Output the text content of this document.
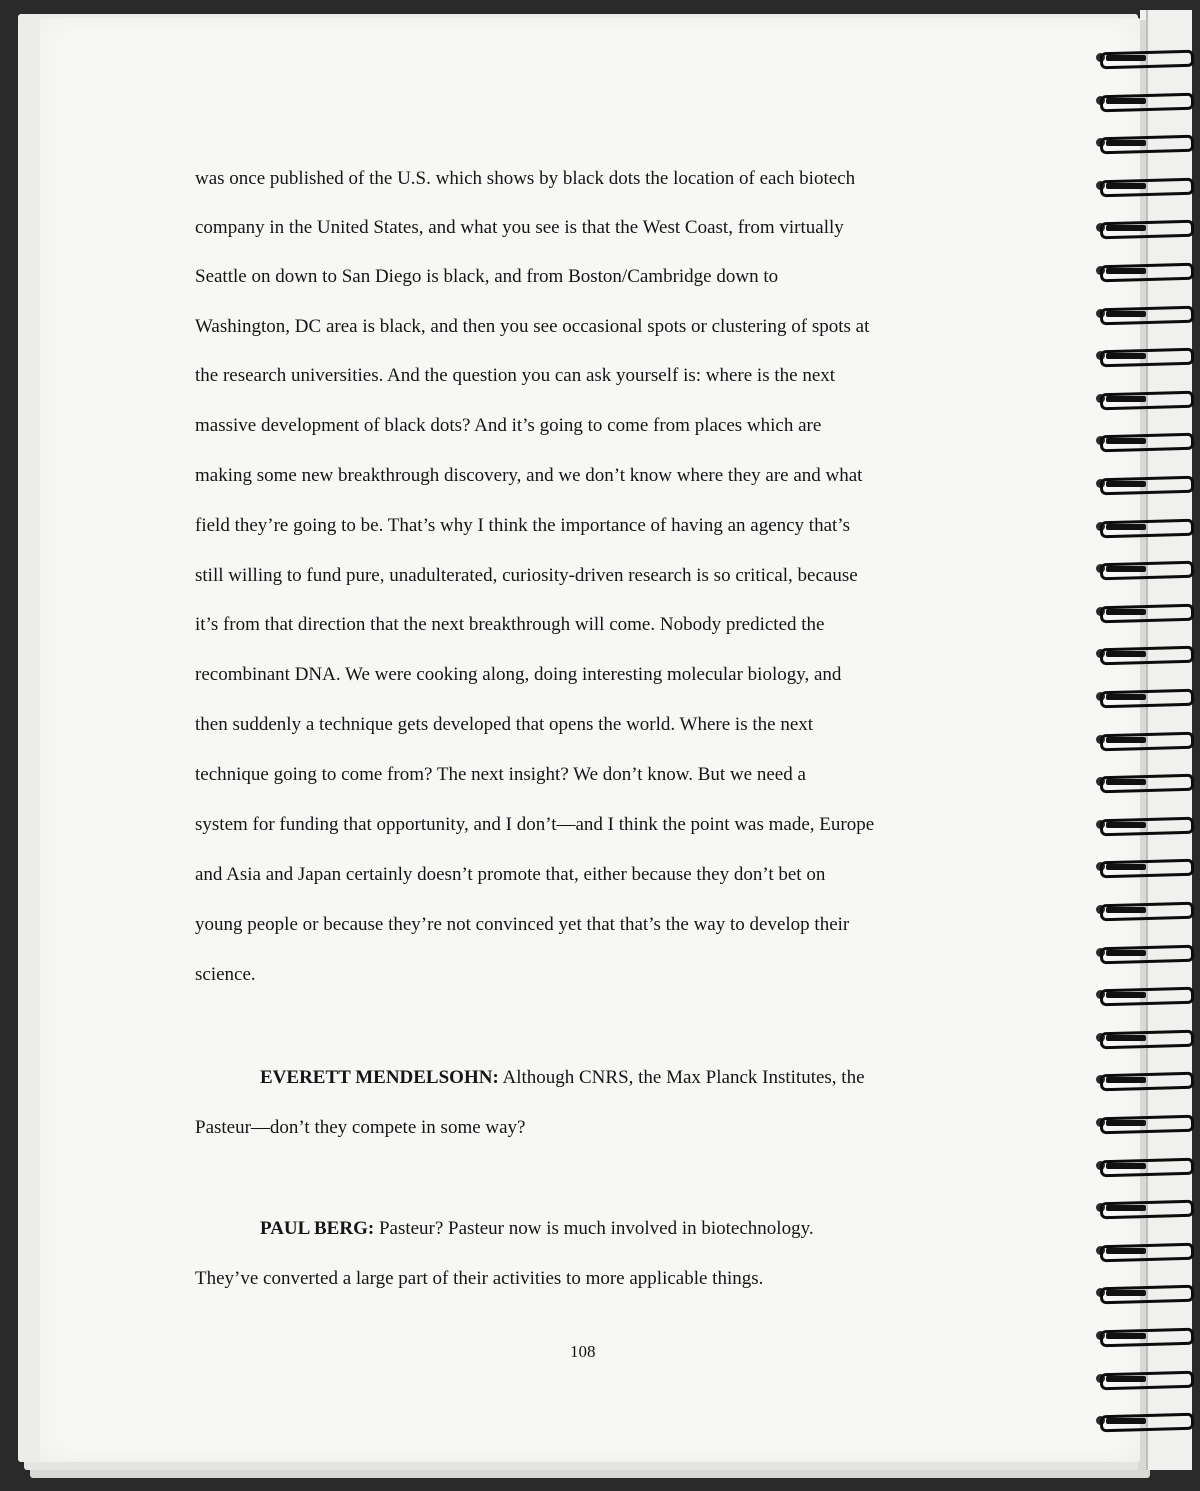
was once published of the U.S. which shows by black dots the location of each biotech
company in the United States, and what you see is that the West Coast, from virtually
Seattle on down to San Diego is black, and from Boston/Cambridge down to
Washington, DC area is black, and then you see occasional spots or clustering of spots at
the research universities. And the question you can ask yourself is: where is the next
massive development of black dots? And it’s going to come from places which are
making some new breakthrough discovery, and we don’t know where they are and what
field they’re going to be. That’s why I think the importance of having an agency that’s
still willing to fund pure, unadulterated, curiosity-driven research is so critical, because
it’s from that direction that the next breakthrough will come. Nobody predicted the
recombinant DNA. We were cooking along, doing interesting molecular biology, and
then suddenly a technique gets developed that opens the world. Where is the next
technique going to come from? The next insight? We don’t know. But we need a
system for funding that opportunity, and I don’t—and I think the point was made, Europe
and Asia and Japan certainly doesn’t promote that, either because they don’t bet on
young people or because they’re not convinced yet that that’s the way to develop their
science.
EVERETT MENDELSOHN: Although CNRS, the Max Planck Institutes, the
Pasteur—don’t they compete in some way?
PAUL BERG: Pasteur? Pasteur now is much involved in biotechnology.
They’ve converted a large part of their activities to more applicable things.
108
